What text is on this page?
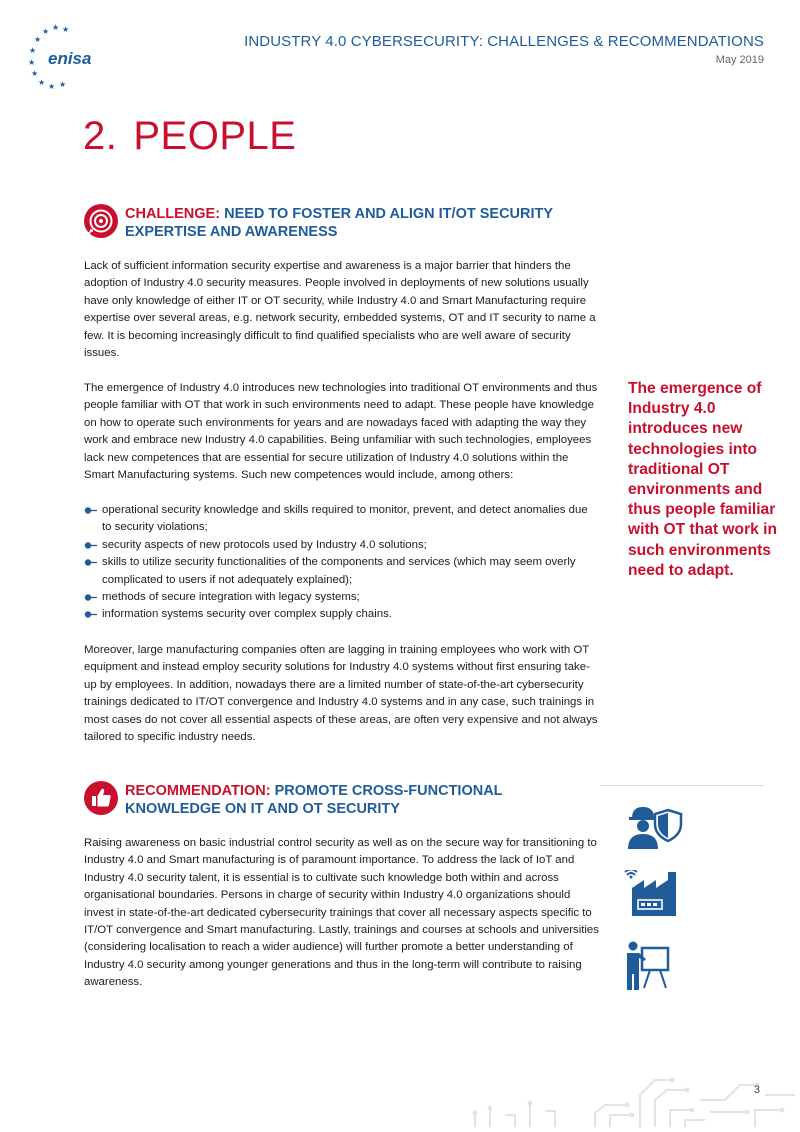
★ ★ ★
★
★
★
★
★ ★ ★
enisa
INDUSTRY 4.0 CYBERSECURITY: CHALLENGES & RECOMMENDATIONS
May 2019
2. PEOPLE
CHALLENGE: NEED TO FOSTER AND ALIGN IT/OT SECURITY
EXPERTISE AND AWARENESS

Lack of sufficient information security expertise and awareness is a major barrier that hinders the adoption of Industry 4.0 security measures. People involved in deployments of new solutions usually have only knowledge of either IT or OT security, while Industry 4.0 and Smart Manufacturing require expertise over several areas, e.g. network security, embedded systems, OT and IT security to name a few. It is becoming increasingly difficult to find qualified specialists who are well aware of security issues.

The emergence of Industry 4.0 introduces new technologies into traditional OT environments and thus people familiar with OT that work in such environments need to adapt. These people have knowledge on how to operate such environments for years and are nowadays faced with adapting the way they work and embrace new Industry 4.0 capabilities. Being unfamiliar with such technologies, employees lack new competences that are essential for secure utilization of Industry 4.0 solutions within the Smart Manufacturing systems. Such new competences would include, among others:

operational security knowledge and skills required to monitor, prevent, and detect anomalies due to security violations;
security aspects of new protocols used by Industry 4.0 solutions;
skills to utilize security functionalities of the components and services (which may seem overly complicated to users if not adequately explained);
methods of secure integration with legacy systems;
information systems security over complex supply chains.

Moreover, large manufacturing companies often are lagging in training employees who work with OT equipment and instead employ security solutions for Industry 4.0 systems without first ensuring take-up by employees. In addition, nowadays there are a limited number of state-of-the-art cybersecurity trainings dedicated to IT/OT convergence and Industry 4.0 systems and in any case, such trainings in most cases do not cover all essential aspects of these areas, are often very expensive and not always tailored to specific industry needs.

The emergence of Industry 4.0 introduces new technologies into traditional OT environments and thus people familiar with OT that work in such environments need to adapt.

RECOMMENDATION: PROMOTE CROSS-FUNCTIONAL
KNOWLEDGE ON IT AND OT SECURITY

Raising awareness on basic industrial control security as well as on the secure way for transitioning to Industry 4.0 and Smart manufacturing is of paramount importance. To address the lack of IoT and Industry 4.0 security talent, it is essential is to cultivate such knowledge both within and across organisational boundaries. Persons in charge of security within Industry 4.0 organizations should invest in state-of-the-art dedicated cybersecurity trainings that cover all necessary aspects specific to IT/OT convergence and Smart manufacturing. Lastly, trainings and courses at schools and universities (considering localisation to reach a wider audience) will further promote a better understanding of Industry 4.0 security among younger generations and thus in the long-term will contribute to raising awareness.

3
